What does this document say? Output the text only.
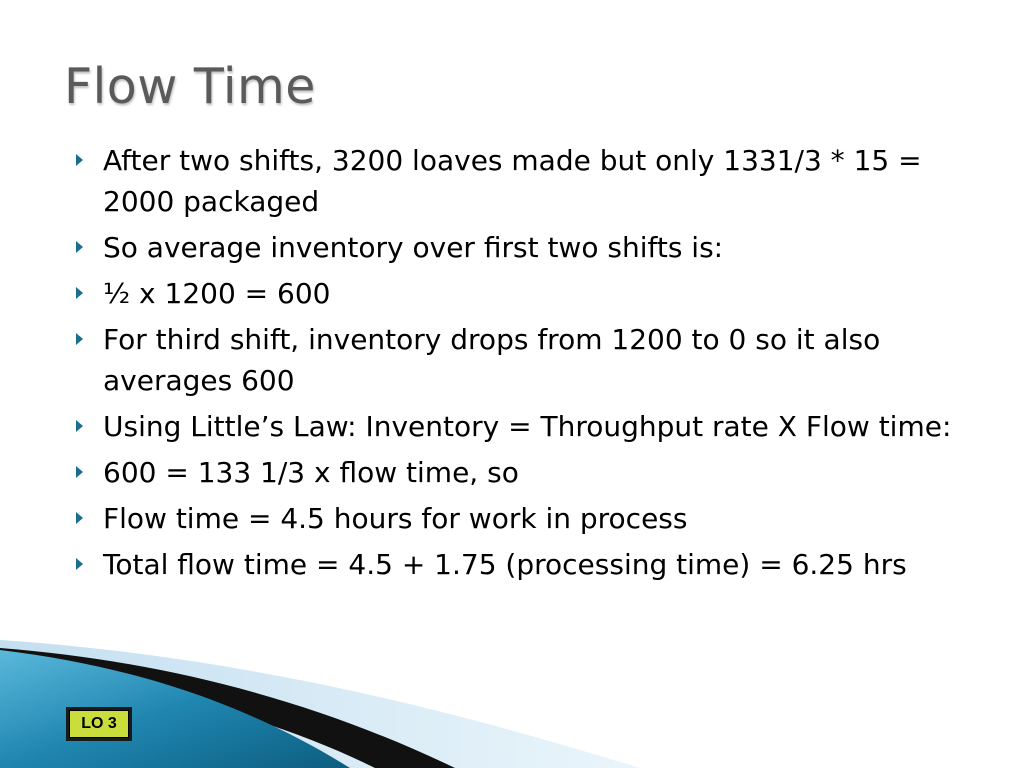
Flow Time
After two shifts, 3200 loaves made but only 1331/3 * 15 = 2000 packaged
So average inventory over first two shifts is:
½ x 1200 = 600
For third shift, inventory drops from 1200 to 0 so it also averages 600
Using Little’s Law: Inventory = Throughput rate X Flow time:
600 = 133 1/3 x flow time, so
Flow time = 4.5 hours for work in process
Total flow time = 4.5 + 1.75 (processing time) = 6.25 hrs
LO 3
